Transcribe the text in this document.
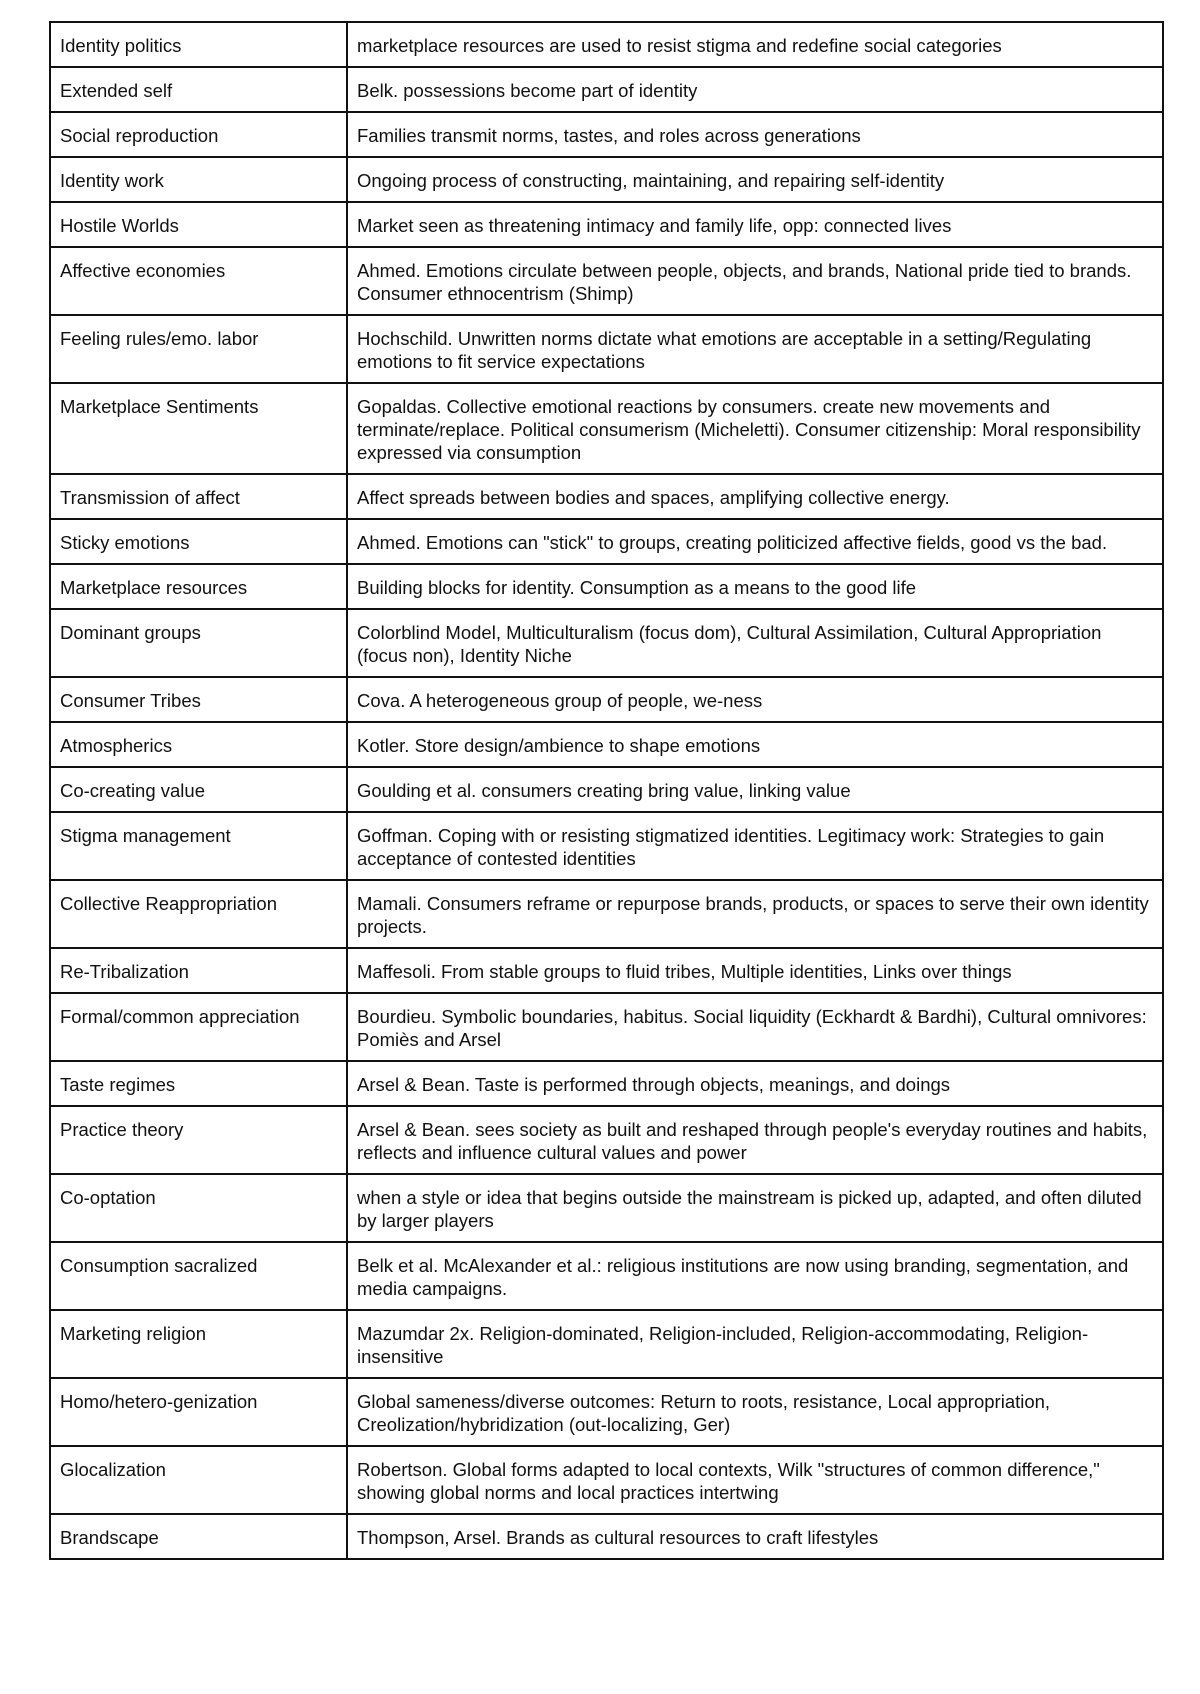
Identity politics	marketplace resources are used to resist stigma and redefine social categories
Extended self	Belk. possessions become part of identity
Social reproduction	Families transmit norms, tastes, and roles across generations
Identity work	Ongoing process of constructing, maintaining, and repairing self-identity
Hostile Worlds	Market seen as threatening intimacy and family life, opp: connected lives
Affective economies	Ahmed. Emotions circulate between people, objects, and brands, National pride tied to brands. Consumer ethnocentrism (Shimp)
Feeling rules/emo. labor	Hochschild. Unwritten norms dictate what emotions are acceptable in a setting/Regulating emotions to fit service expectations
Marketplace Sentiments	Gopaldas. Collective emotional reactions by consumers. create new movements and terminate/replace. Political consumerism (Micheletti). Consumer citizenship: Moral responsibility expressed via consumption
Transmission of affect	Affect spreads between bodies and spaces, amplifying collective energy.
Sticky emotions	Ahmed. Emotions can "stick" to groups, creating politicized affective fields, good vs the bad.
Marketplace resources	Building blocks for identity. Consumption as a means to the good life
Dominant groups	Colorblind Model, Multiculturalism (focus dom), Cultural Assimilation, Cultural Appropriation (focus non), Identity Niche
Consumer Tribes	Cova. A heterogeneous group of people, we-ness
Atmospherics	Kotler. Store design/ambience to shape emotions
Co-creating value	Goulding et al. consumers creating bring value, linking value
Stigma management	Goffman. Coping with or resisting stigmatized identities. Legitimacy work: Strategies to gain acceptance of contested identities
Collective Reappropriation	Mamali. Consumers reframe or repurpose brands, products, or spaces to serve their own identity projects.
Re-Tribalization	Maffesoli. From stable groups to fluid tribes, Multiple identities, Links over things
Formal/common appreciation	Bourdieu. Symbolic boundaries, habitus. Social liquidity (Eckhardt & Bardhi), Cultural omnivores: Pomiès and Arsel
Taste regimes	Arsel & Bean. Taste is performed through objects, meanings, and doings
Practice theory	Arsel & Bean. sees society as built and reshaped through people's everyday routines and habits, reflects and influence cultural values and power
Co-optation	when a style or idea that begins outside the mainstream is picked up, adapted, and often diluted by larger players
Consumption sacralized	Belk et al. McAlexander et al.: religious institutions are now using branding, segmentation, and media campaigns.
Marketing religion	Mazumdar 2x. Religion-dominated, Religion-included, Religion-accommodating, Religion-insensitive
Homo/hetero-genization	Global sameness/diverse outcomes: Return to roots, resistance, Local appropriation, Creolization/hybridization (out-localizing, Ger)
Glocalization	Robertson. Global forms adapted to local contexts, Wilk "structures of common difference," showing global norms and local practices intertwing
Brandscape	Thompson, Arsel. Brands as cultural resources to craft lifestyles
